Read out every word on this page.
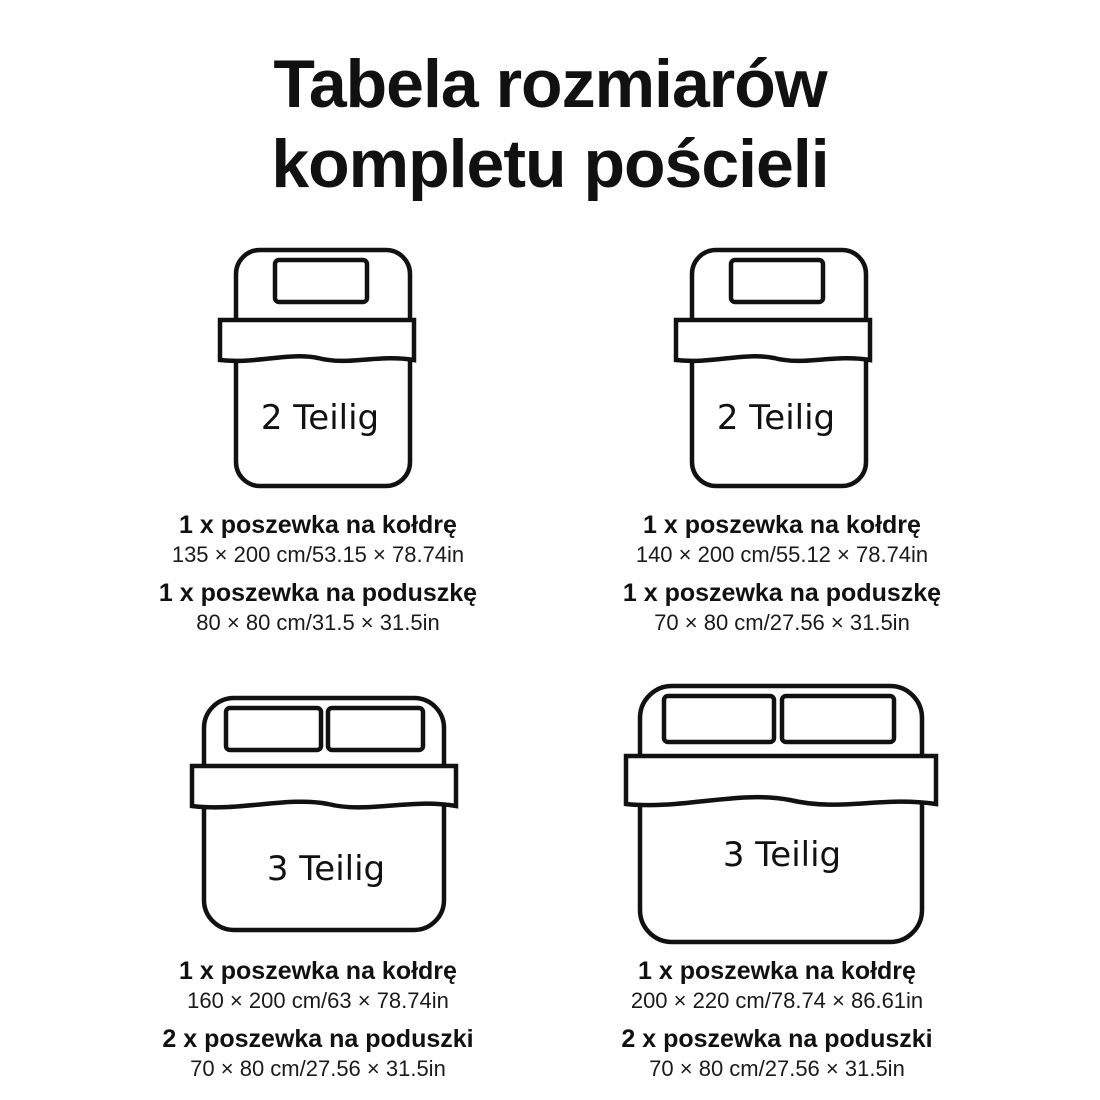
Tabela rozmiarów
kompletu pościeli
2 Teilig	2 Teilig
3 Teilig	3 Teilig
1 x poszewka na kołdrę
135 × 200 cm/53.15 × 78.74in
1 x poszewka na poduszkę
80 × 80 cm/31.5 × 31.5in
1 x poszewka na kołdrę
140 × 200 cm/55.12 × 78.74in
1 x poszewka na poduszkę
70 × 80 cm/27.56 × 31.5in
1 x poszewka na kołdrę
160 × 200 cm/63 × 78.74in
2 x poszewka na poduszki
70 × 80 cm/27.56 × 31.5in
1 x poszewka na kołdrę
200 × 220 cm/78.74 × 86.61in
2 x poszewka na poduszki
70 × 80 cm/27.56 × 31.5in
